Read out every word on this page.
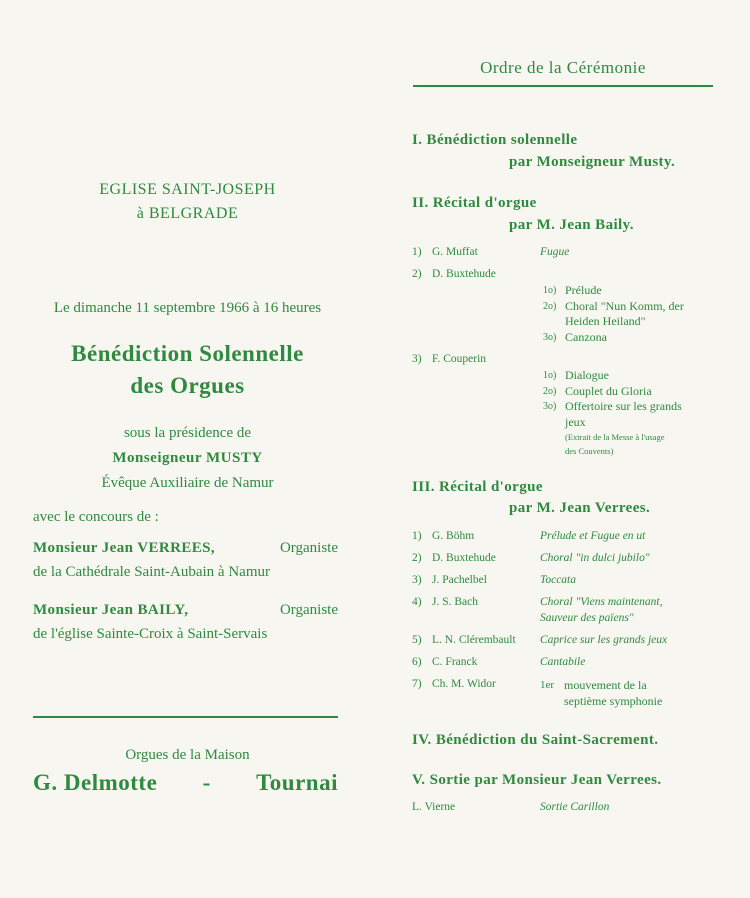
EGLISE SAINT-JOSEPH
à BELGRADE
Le dimanche 11 septembre 1966 à 16 heures
Bénédiction Solennelle
des Orgues
sous la présidence de
Monseigneur MUSTY
Évêque Auxiliaire de Namur
avec le concours de :
Monsieur Jean VERREES,	Organiste
de la Cathédrale Saint-Aubain à Namur
Monsieur Jean BAILY,	Organiste
de l'église Sainte-Croix à Saint-Servais
Orgues de la Maison
G. Delmotte - Tournai
Ordre de la Cérémonie
I. Bénédiction solennelle
par Monseigneur Musty.
II. Récital d'orgue
par M. Jean Baily.
1) G. Muffat	Fugue
2) D. Buxtehude
1o) Prélude
2o) Choral "Nun Komm, der
Heiden Heiland"
3o) Canzona
3) F. Couperin
1o) Dialogue
2o) Couplet du Gloria
3o) Offertoire sur les grands
jeux
(Extrait de la Messe à l'usage
des Couvents)
III. Récital d'orgue
par M. Jean Verrees.
1) G. Böhm	Prélude et Fugue en ut
2) D. Buxtehude	Choral "in dulci jubilo"
3) J. Pachelbel	Toccata
4) J. S. Bach	Choral "Viens maintenant,
Sauveur des païens"
5) L. N. Clérembault Caprice sur les grands jeux
6) C. Franck	Cantabile
7) Ch. M. Widor	1er mouvement de la
septième symphonie
IV. Bénédiction du Saint-Sacrement.
V. Sortie par Monsieur Jean Verrees.
L. Vierne	Sortie Carillon
